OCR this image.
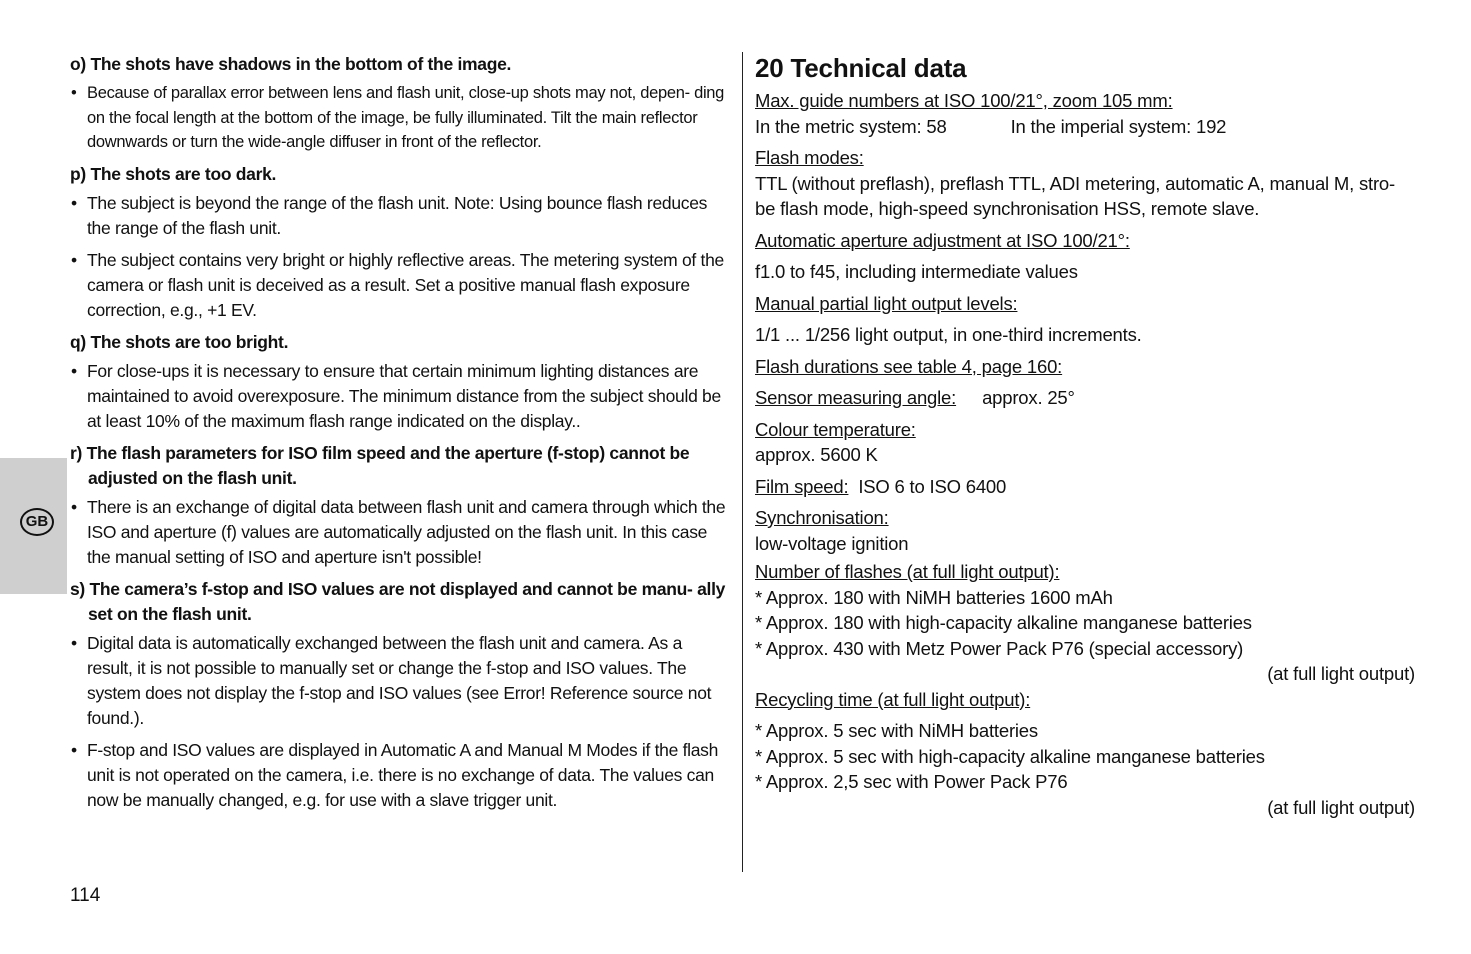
GB

o) The shots have shadows in the bottom of the image.

• Because of parallax error between lens and flash unit, close-up shots may not, depen- ding on the focal length at the bottom of the image, be fully illuminated. Tilt the main reflector downwards or turn the wide-angle diffuser in front of the reflector.

p) The shots are too dark.

• The subject is beyond the range of the flash unit. Note: Using bounce flash reduces the range of the flash unit.

• The subject contains very bright or highly reflective areas. The metering system of the camera or flash unit is deceived as a result. Set a positive manual flash exposure correction, e.g., +1 EV.

q) The shots are too bright.

• For close-ups it is necessary to ensure that certain minimum lighting distances are maintained to avoid overexposure. The minimum distance from the subject should be at least 10% of the maximum flash range indicated on the display..

r) The flash parameters for ISO film speed and the aperture (f-stop) cannot be adjusted on the flash unit.

• There is an exchange of digital data between flash unit and camera through which the ISO and aperture (f) values are automatically adjusted on the flash unit. In this case the manual setting of ISO and aperture isn't possible!

s) The camera’s f-stop and ISO values are not displayed and cannot be manu- ally set on the flash unit.

• Digital data is automatically exchanged between the flash unit and camera. As a result, it is not possible to manually set or change the f-stop and ISO values. The system does not display the f-stop and ISO values (see Error! Reference source not found.).

• F-stop and ISO values are displayed in Automatic A and Manual M Modes if the flash unit is not operated on the camera, i.e. there is no exchange of data. The values can now be manually changed, e.g. for use with a slave trigger unit.

20 Technical data

Max. guide numbers at ISO 100/21°, zoom 105 mm:

In the metric system: 58	In the imperial system: 192

Flash modes:

TTL (without preflash), preflash TTL, ADI metering, automatic A, manual M, stro- be flash mode, high-speed synchronisation HSS, remote slave.

Automatic aperture adjustment at ISO 100/21°:

f1.0 to f45, including intermediate values

Manual partial light output levels:

1/1 ... 1/256 light output, in one-third increments.

Flash durations see table 4, page 160:

Sensor measuring angle: approx. 25°

Colour temperature:

approx. 5600 K

Film speed: ISO 6 to ISO 6400

Synchronisation:

low-voltage ignition

Number of flashes (at full light output):

* Approx. 180 with NiMH batteries 1600 mAh

* Approx. 180 with high-capacity alkaline manganese batteries

* Approx. 430 with Metz Power Pack P76 (special accessory)

(at full light output)

Recycling time (at full light output):

* Approx. 5 sec with NiMH batteries

* Approx. 5 sec with high-capacity alkaline manganese batteries

* Approx. 2,5 sec with Power Pack P76

(at full light output)

114
